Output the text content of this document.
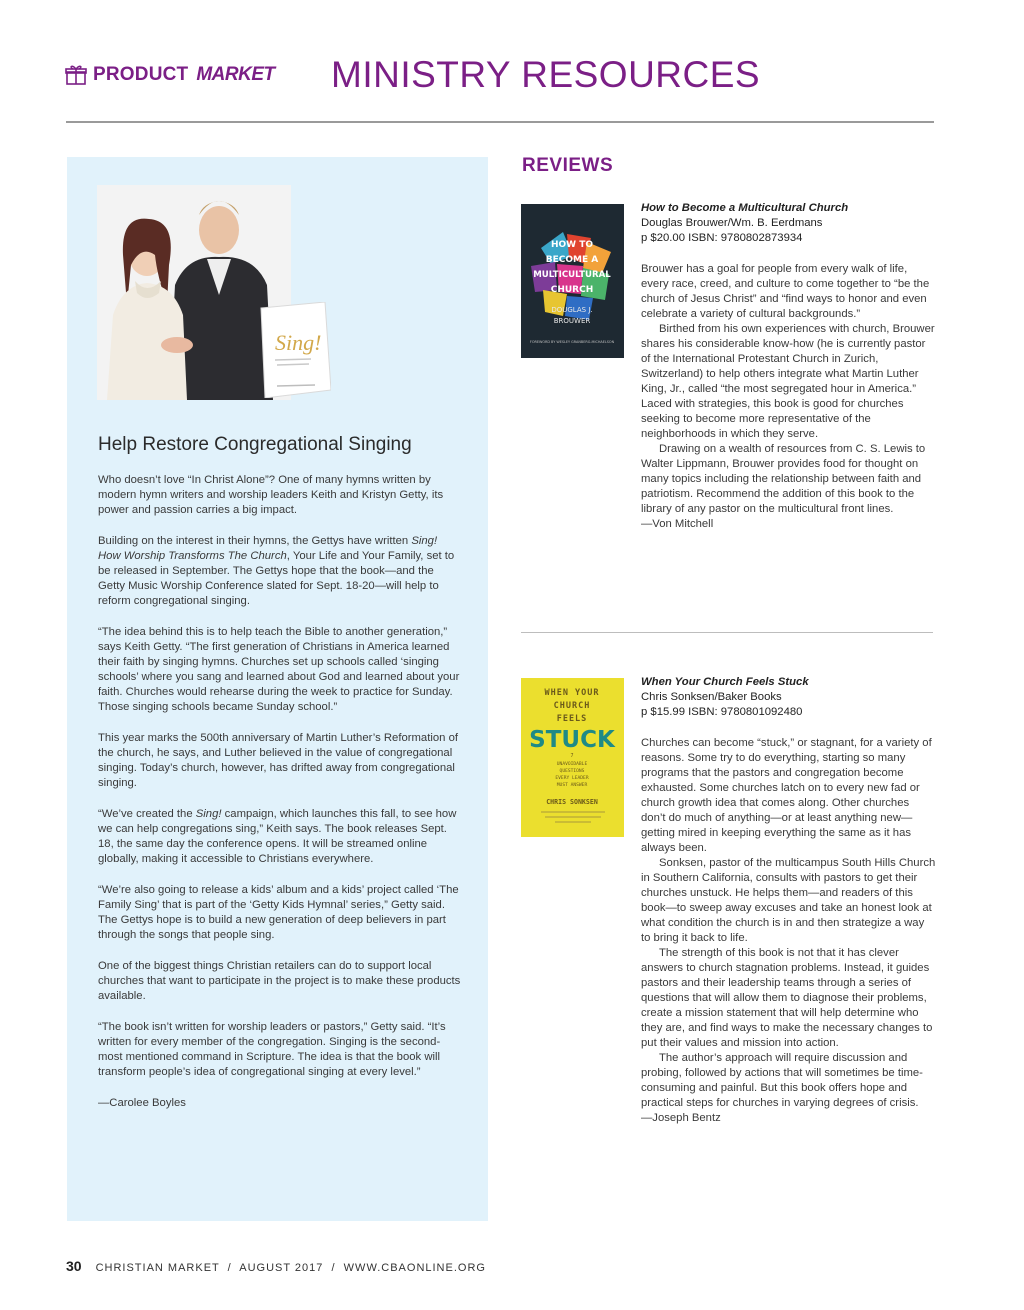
PRODUCT MARKET MINISTRY RESOURCES
Sing!
Help Restore Congregational Singing

Who doesn’t love “In Christ Alone”? One of many hymns written by modern hymn writers and worship leaders Keith and Kristyn Getty, its power and passion carries a big impact.

Building on the interest in their hymns, the Gettys have written Sing! How Worship Transforms The Church, Your Life and Your Family, set to be released in September. The Gettys hope that the book—and the Getty Music Worship Conference slated for Sept. 18-20—will help to reform congregational singing.

“The idea behind this is to help teach the Bible to another generation,” says Keith Getty. “The first generation of Christians in America learned their faith by singing hymns. Churches set up schools called ‘singing schools’ where you sang and learned about God and learned about your faith. Churches would rehearse during the week to practice for Sunday. Those singing schools became Sunday school.”

This year marks the 500th anniversary of Martin Luther’s Reformation of the church, he says, and Luther believed in the value of congregational singing. Today’s church, however, has drifted away from congregational singing.

“We’ve created the Sing! campaign, which launches this fall, to see how we can help congregations sing,” Keith says. The book releases Sept. 18, the same day the conference opens. It will be streamed online globally, making it accessible to Christians everywhere.

“We’re also going to release a kids’ album and a kids’ project called ‘The Family Sing’ that is part of the ‘Getty Kids Hymnal’ series,” Getty said. The Gettys hope is to build a new generation of deep believers in part through the songs that people sing.

One of the biggest things Christian retailers can do to support local churches that want to participate in the project is to make these products available.

“The book isn’t written for worship leaders or pastors,” Getty said. “It’s written for every member of the congregation. Singing is the second-most mentioned command in Scripture. The idea is that the book will transform people’s idea of congregational singing at every level.”

—Carolee Boyles

REVIEWS
HOW TO
BECOME A
MULTICULTURAL
CHURCH
DOUGLAS J.
BROUWER
FOREWORD BY WESLEY GRANBERG-MICHAELSON
How to Become a Multicultural Church
Douglas Brouwer/Wm. B. Eerdmans
p $20.00 ISBN: 9780802873934
Brouwer has a goal for people from every walk of life, every race, creed, and culture to come together to “be the church of Jesus Christ” and “find ways to honor and even celebrate a variety of cultural backgrounds.”
Birthed from his own experiences with church, Brouwer shares his considerable know-how (he is currently pastor of the International Protestant Church in Zurich, Switzerland) to help others integrate what Martin Luther King, Jr., called “the most segregated hour in America.” Laced with strategies, this book is good for churches seeking to become more representative of the neighborhoods in which they serve.
Drawing on a wealth of resources from C. S. Lewis to Walter Lippmann, Brouwer provides food for thought on many topics including the relationship between faith and patriotism. Recommend the addition of this book to the library of any pastor on the multicultural front lines.
—Von Mitchell
WHEN YOUR
CHURCH
FEELS
STUCK
7
UNAVOIDABLE
QUESTIONS
EVERY LEADER
MUST ANSWER
CHRIS SONKSEN
When Your Church Feels Stuck
Chris Sonksen/Baker Books
p $15.99 ISBN: 9780801092480
Churches can become “stuck,” or stagnant, for a variety of reasons. Some try to do everything, starting so many programs that the pastors and congregation become exhausted. Some churches latch on to every new fad or church growth idea that comes along. Other churches don’t do much of anything—or at least anything new—getting mired in keeping everything the same as it has always been.
Sonksen, pastor of the multicampus South Hills Church in Southern California, consults with pastors to get their churches unstuck. He helps them—and readers of this book—to sweep away excuses and take an honest look at what condition the church is in and then strategize a way to bring it back to life.
The strength of this book is not that it has clever answers to church stagnation problems. Instead, it guides pastors and their leadership teams through a series of questions that will allow them to diagnose their problems, create a mission statement that will help determine who they are, and find ways to make the necessary changes to put their values and mission into action.
The author’s approach will require discussion and probing, followed by actions that will sometimes be time-consuming and painful. But this book offers hope and practical steps for churches in varying degrees of crisis.
—Joseph Bentz
30 CHRISTIAN MARKET  /  AUGUST 2017  /  WWW.CBAONLINE.ORG
